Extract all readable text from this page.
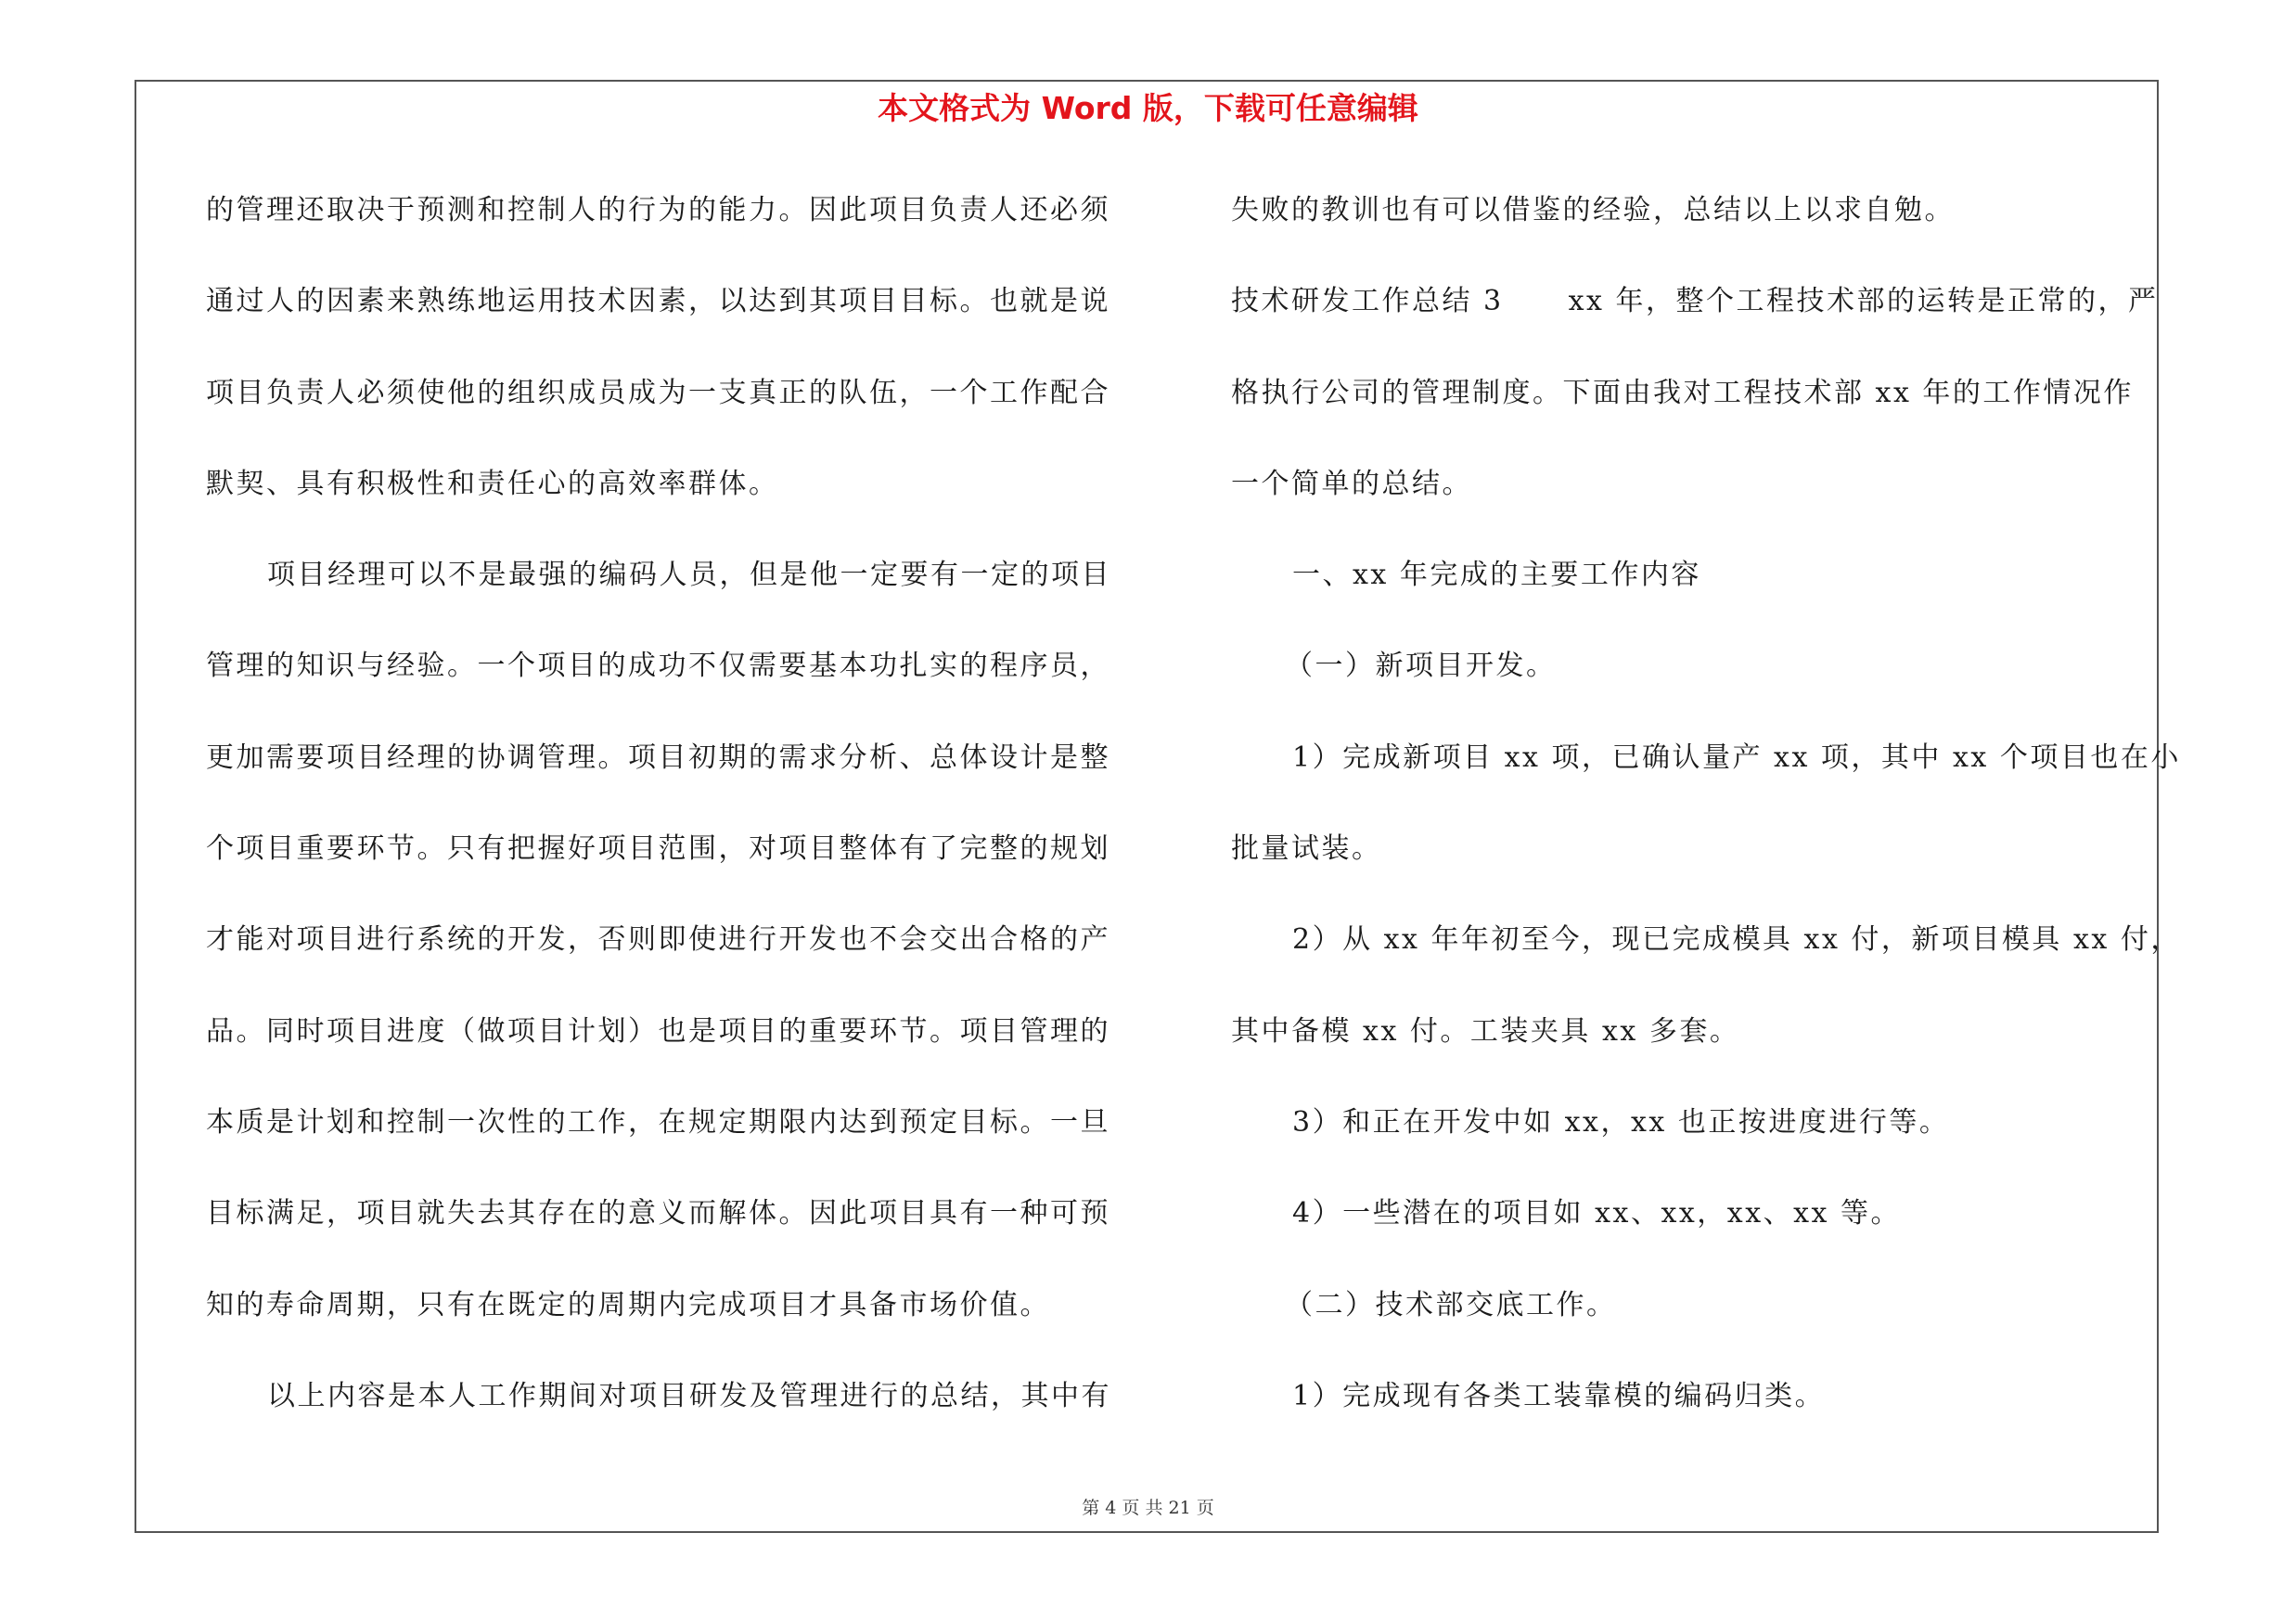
本文格式为 Word 版，下载可任意编辑
的管理还取决于预测和控制人的行为的能力。因此项目负责人还必须
通过人的因素来熟练地运用技术因素，以达到其项目目标。也就是说
项目负责人必须使他的组织成员成为一支真正的队伍，一个工作配合
默契、具有积极性和责任心的高效率群体。
项目经理可以不是最强的编码人员，但是他一定要有一定的项目
管理的知识与经验。一个项目的成功不仅需要基本功扎实的程序员，
更加需要项目经理的协调管理。项目初期的需求分析、总体设计是整
个项目重要环节。只有把握好项目范围，对项目整体有了完整的规划
才能对项目进行系统的开发，否则即使进行开发也不会交出合格的产
品。同时项目进度（做项目计划）也是项目的重要环节。项目管理的
本质是计划和控制一次性的工作，在规定期限内达到预定目标。一旦
目标满足，项目就失去其存在的意义而解体。因此项目具有一种可预
知的寿命周期，只有在既定的周期内完成项目才具备市场价值。
以上内容是本人工作期间对项目研发及管理进行的总结，其中有
失败的教训也有可以借鉴的经验，总结以上以求自勉。
技术研发工作总结 3 xx 年，整个工程技术部的运转是正常的，严
格执行公司的管理制度。下面由我对工程技术部 xx 年的工作情况作
一个简单的总结。
一、xx 年完成的主要工作内容
（一）新项目开发。
1）完成新项目 xx 项，已确认量产 xx 项，其中 xx 个项目也在小
批量试装。
2）从 xx 年年初至今，现已完成模具 xx 付，新项目模具 xx 付，
其中备模 xx 付。工装夹具 xx 多套。
3）和正在开发中如 xx，xx 也正按进度进行等。
4）一些潜在的项目如 xx、xx，xx、xx 等。
（二）技术部交底工作。
1）完成现有各类工装靠模的编码归类。
第 4 页 共 21 页
